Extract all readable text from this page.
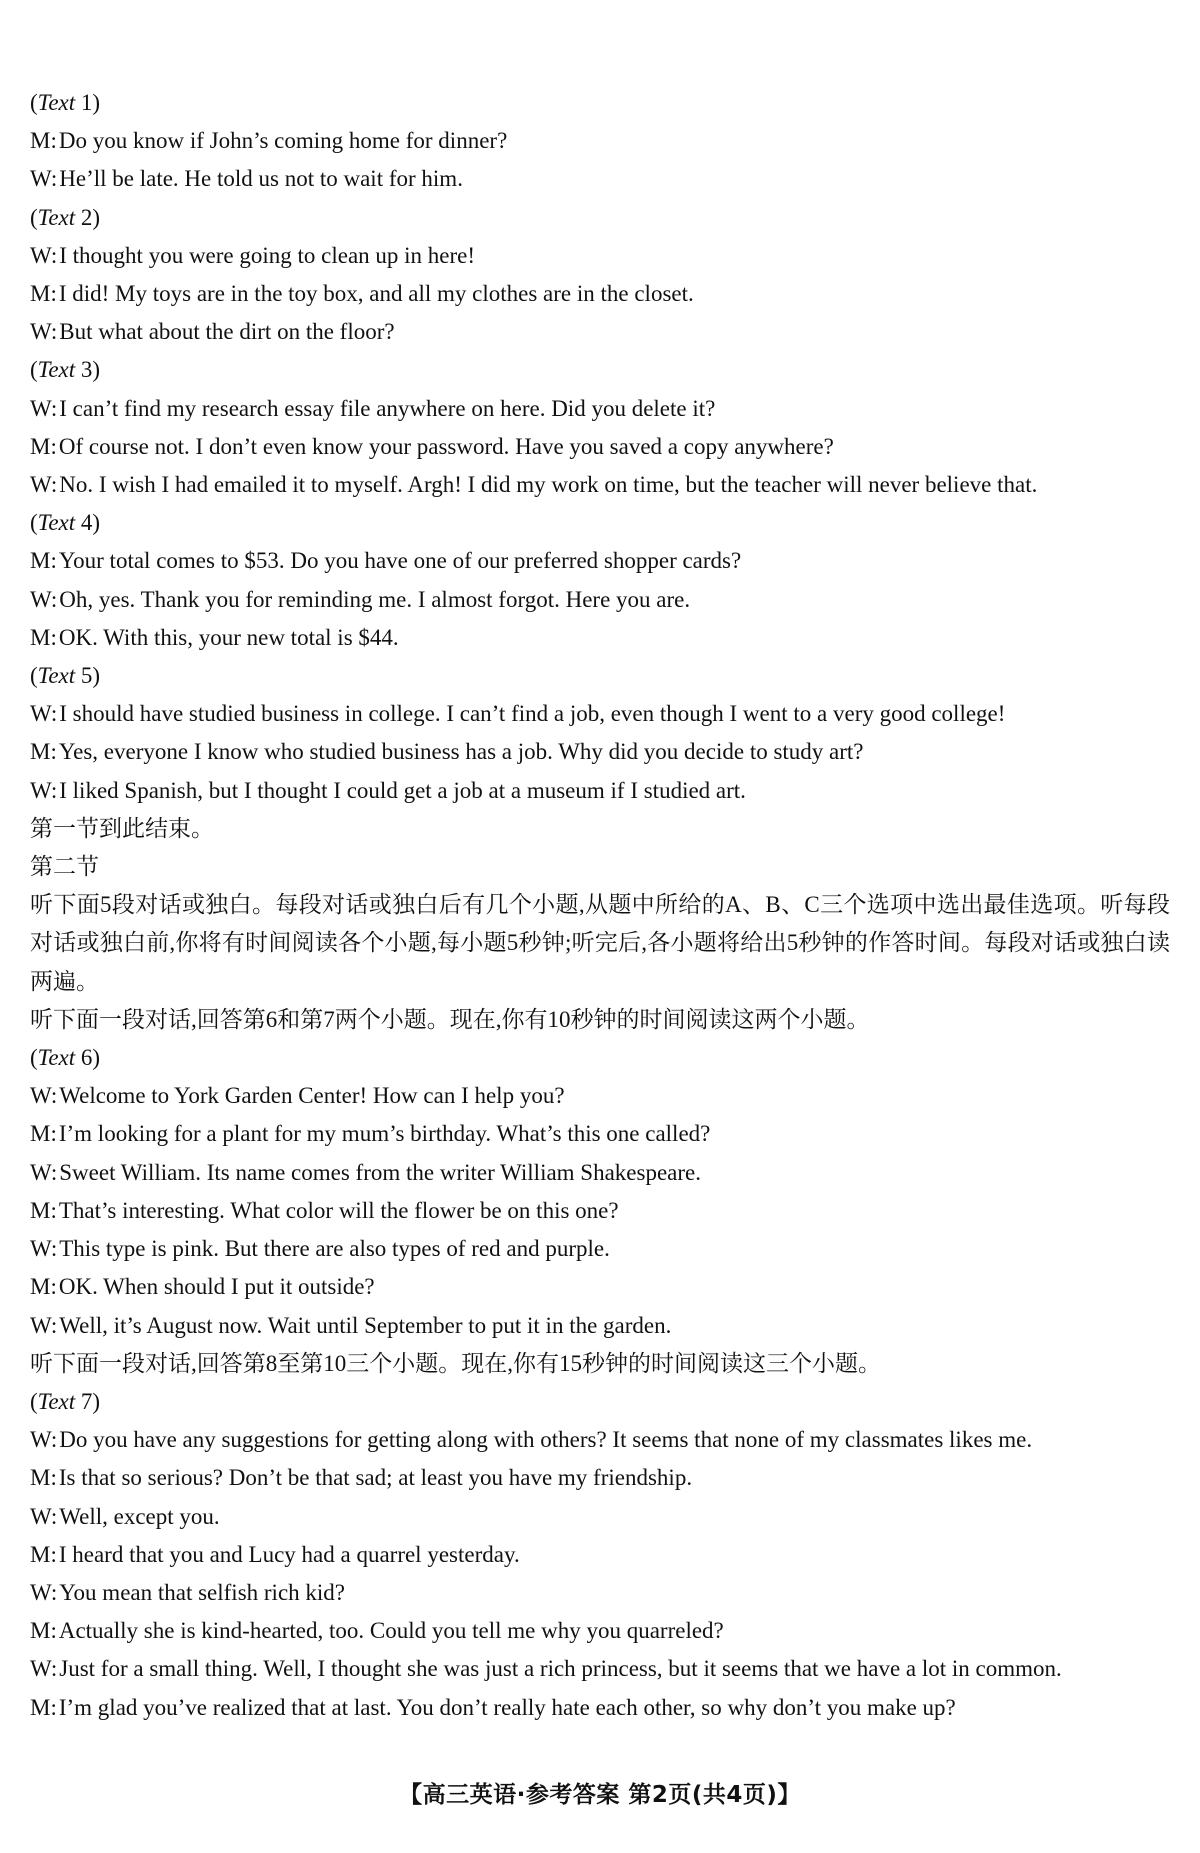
(Text 1)
M:Do you know if John’s coming home for dinner?
W:He’ll be late. He told us not to wait for him.
(Text 2)
W:I thought you were going to clean up in here!
M:I did! My toys are in the toy box, and all my clothes are in the closet.
W:But what about the dirt on the floor?
(Text 3)
W:I can’t find my research essay file anywhere on here. Did you delete it?
M:Of course not. I don’t even know your password. Have you saved a copy anywhere?
W:No. I wish I had emailed it to myself. Argh! I did my work on time, but the teacher will never believe that.
(Text 4)
M:Your total comes to $53. Do you have one of our preferred shopper cards?
W:Oh, yes. Thank you for reminding me. I almost forgot. Here you are.
M:OK. With this, your new total is $44.
(Text 5)
W:I should have studied business in college. I can’t find a job, even though I went to a very good college!
M:Yes, everyone I know who studied business has a job. Why did you decide to study art?
W:I liked Spanish, but I thought I could get a job at a museum if I studied art.
第一节到此结束。
第二节
听下面5段对话或独白。每段对话或独白后有几个小题,从题中所给的A、B、C三个选项中选出最佳选项。听每段对话或独白前,你将有时间阅读各个小题,每小题5秒钟;听完后,各小题将给出5秒钟的作答时间。每段对话或独白读两遍。
听下面一段对话,回答第6和第7两个小题。现在,你有10秒钟的时间阅读这两个小题。
(Text 6)
W:Welcome to York Garden Center! How can I help you?
M:I’m looking for a plant for my mum’s birthday. What’s this one called?
W:Sweet William. Its name comes from the writer William Shakespeare.
M:That’s interesting. What color will the flower be on this one?
W:This type is pink. But there are also types of red and purple.
M:OK. When should I put it outside?
W:Well, it’s August now. Wait until September to put it in the garden.
听下面一段对话,回答第8至第10三个小题。现在,你有15秒钟的时间阅读这三个小题。
(Text 7)
W:Do you have any suggestions for getting along with others? It seems that none of my classmates likes me.
M:Is that so serious? Don’t be that sad; at least you have my friendship.
W:Well, except you.
M:I heard that you and Lucy had a quarrel yesterday.
W:You mean that selfish rich kid?
M:Actually she is kind-hearted, too. Could you tell me why you quarreled?
W:Just for a small thing. Well, I thought she was just a rich princess, but it seems that we have a lot in common.
M:I’m glad you’ve realized that at last. You don’t really hate each other, so why don’t you make up?
【高三英语·参考答案 第2页(共4页)】
